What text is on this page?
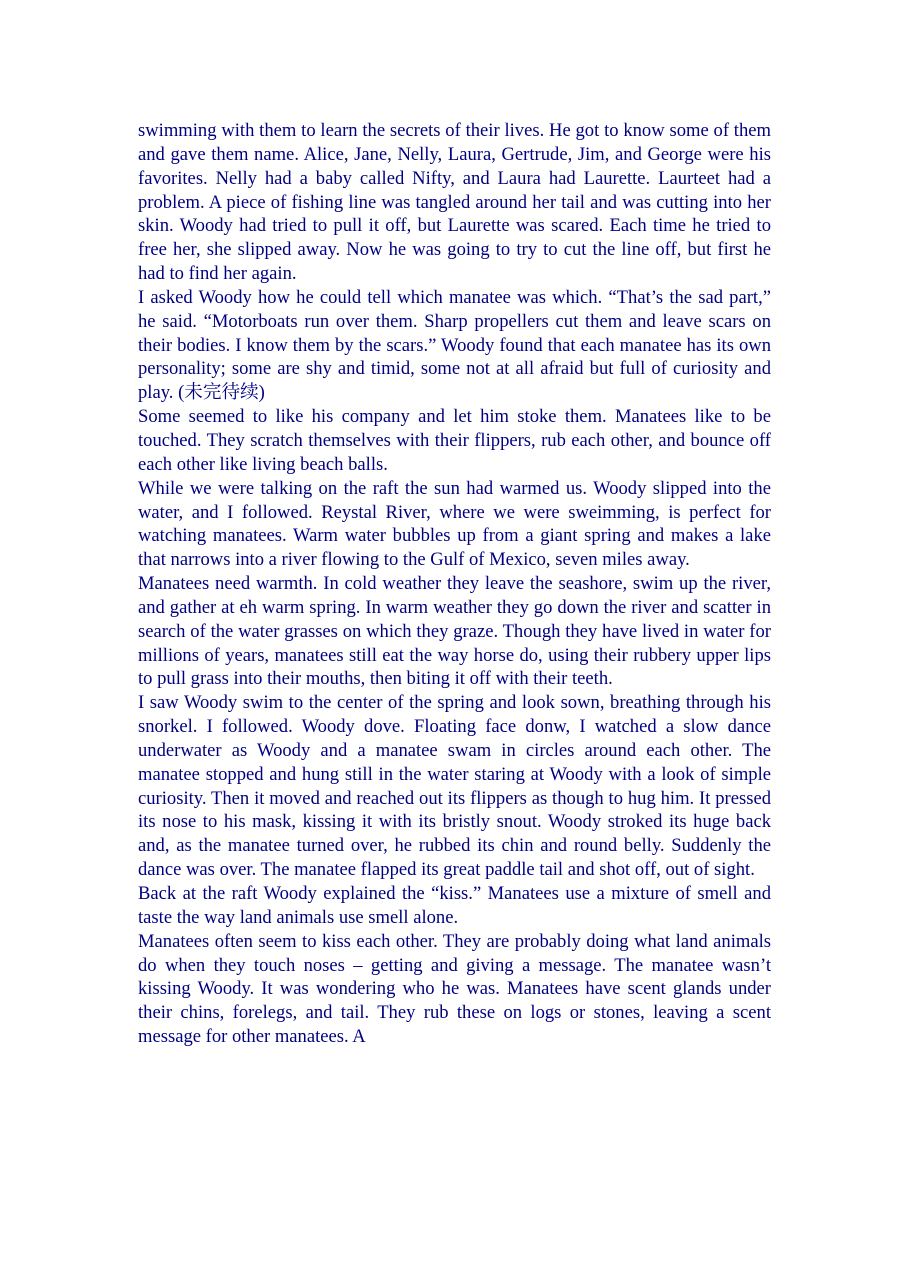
swimming with them to learn the secrets of their lives. He got to know some of them and gave them name. Alice, Jane, Nelly, Laura, Gertrude, Jim, and George were his favorites. Nelly had a baby called Nifty, and Laura had Laurette. Laurteet had a problem. A piece of fishing line was tangled around her tail and was cutting into her skin. Woody had tried to pull it off, but Laurette was scared. Each time he tried to free her, she slipped away. Now he was going to try to cut the line off, but first he had to find her again.

I asked Woody how he could tell which manatee was which. “That’s the sad part,” he said. “Motorboats run over them. Sharp propellers cut them and leave scars on their bodies. I know them by the scars.” Woody found that each manatee has its own personality; some are shy and timid, some not at all afraid but full of curiosity and play. (未完待续)

Some seemed to like his company and let him stoke them. Manatees like to be touched. They scratch themselves with their flippers, rub each other, and bounce off each other like living beach balls.

While we were talking on the raft the sun had warmed us. Woody slipped into the water, and I followed. Reystal River, where we were sweimming, is perfect for watching manatees. Warm water bubbles up from a giant spring and makes a lake that narrows into a river flowing to the Gulf of Mexico, seven miles away.

Manatees need warmth. In cold weather they leave the seashore, swim up the river, and gather at eh warm spring. In warm weather they go down the river and scatter in search of the water grasses on which they graze. Though they have lived in water for millions of years, manatees still eat the way horse do, using their rubbery upper lips to pull grass into their mouths, then biting it off with their teeth.

I saw Woody swim to the center of the spring and look sown, breathing through his snorkel. I followed. Woody dove. Floating face donw, I watched a slow dance underwater as Woody and a manatee swam in circles around each other. The manatee stopped and hung still in the water staring at Woody with a look of simple curiosity. Then it moved and reached out its flippers as though to hug him. It pressed its nose to his mask, kissing it with its bristly snout. Woody stroked its huge back and, as the manatee turned over, he rubbed its chin and round belly. Suddenly the dance was over. The manatee flapped its great paddle tail and shot off, out of sight.

Back at the raft Woody explained the “kiss.” Manatees use a mixture of smell and taste the way land animals use smell alone.

Manatees often seem to kiss each other. They are probably doing what land animals do when they touch noses – getting and giving a message. The manatee wasn’t kissing Woody. It was wondering who he was. Manatees have scent glands under their chins, forelegs, and tail. They rub these on logs or stones, leaving a scent message for other manatees. A
